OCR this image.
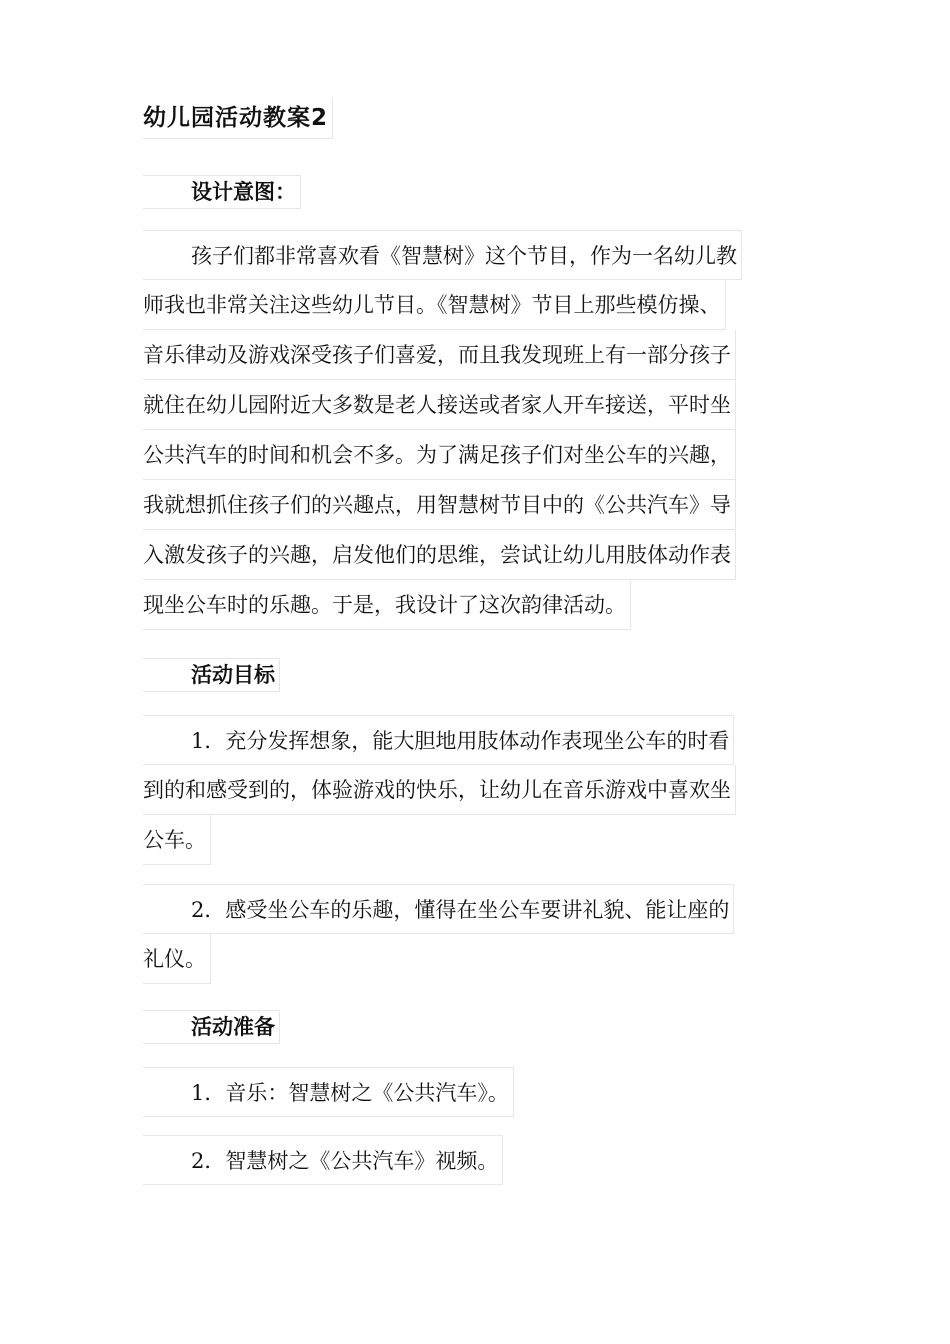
幼儿园活动教案2
设计意图：
孩子们都非常喜欢看《智慧树》这个节目，作为一名幼儿教
师我也非常关注这些幼儿节目。《智慧树》节目上那些模仿操、
音乐律动及游戏深受孩子们喜爱，而且我发现班上有一部分孩子
就住在幼儿园附近大多数是老人接送或者家人开车接送，平时坐
公共汽车的时间和机会不多。为了满足孩子们对坐公车的兴趣，
我就想抓住孩子们的兴趣点，用智慧树节目中的《公共汽车》导
入激发孩子的兴趣，启发他们的思维，尝试让幼儿用肢体动作表
现坐公车时的乐趣。于是，我设计了这次韵律活动。
活动目标
1．充分发挥想象，能大胆地用肢体动作表现坐公车的时看
到的和感受到的，体验游戏的快乐，让幼儿在音乐游戏中喜欢坐
公车。
2．感受坐公车的乐趣，懂得在坐公车要讲礼貌、能让座的
礼仪。
活动准备
1．音乐：智慧树之《公共汽车》。
2．智慧树之《公共汽车》视频。
